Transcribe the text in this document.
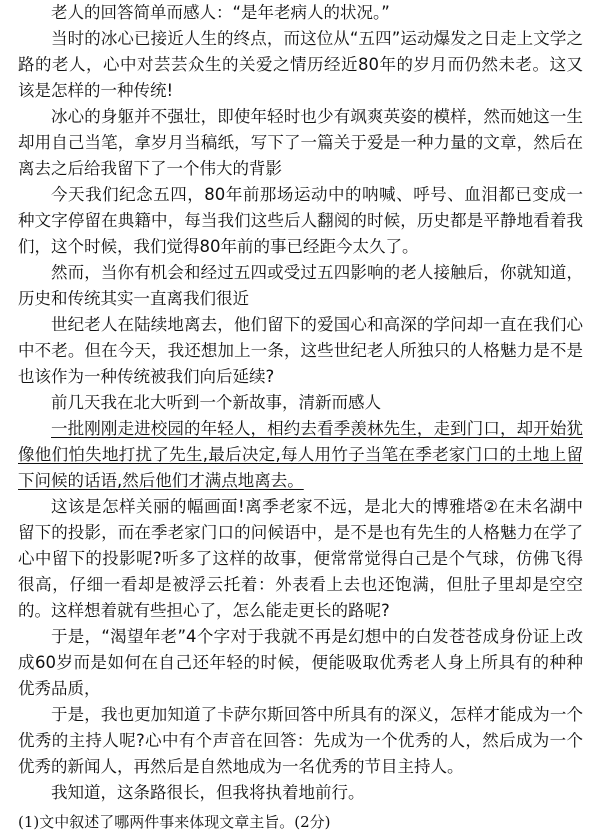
老人的回答简单而感人：“是年老病人的状况。”

当时的冰心已接近人生的终点，而这位从“五四”运动爆发之日走上文学之路的老人，心中对芸芸众生的关爱之情历经近80年的岁月而仍然未老。这又该是怎样的一种传统!

冰心的身躯并不强壮，即使年轻时也少有飒爽英姿的模样，然而她这一生却用自己当笔，拿岁月当稿纸，写下了一篇关于爱是一种力量的文章，然后在离去之后给我留下了一个伟大的背影

今天我们纪念五四，80年前那场运动中的呐喊、呼号、血泪都已变成一种文字停留在典籍中，每当我们这些后人翻阅的时候，历史都是平静地看着我们，这个时候，我们觉得80年前的事已经距今太久了。

然而，当你有机会和经过五四或受过五四影响的老人接触后，你就知道，历史和传统其实一直离我们很近

世纪老人在陆续地离去，他们留下的爱国心和高深的学问却一直在我们心中不老。但在今天，我还想加上一条，这些世纪老人所独只的人格魅力是不是也该作为一种传统被我们向后延续?

前几天我在北大听到一个新故事，清新而感人

一批刚刚走进校园的年轻人，相约去看季羡林先生，走到门口，却开始犹像他们怕失地打扰了先生,最后决定,每人用竹子当笔在季老家门口的土地上留下问候的话语,然后他们才满点地离去。

这该是怎样关丽的幅画面!离季老家不远，是北大的博雅塔②在未名湖中留下的投影，而在季老家门口的问候语中，是不是也有先生的人格魅力在学了心中留下的投影呢?听多了这样的故事，便常常觉得白己是个气球，仿佛飞得很高，仔细一看却是被浮云托着：外表看上去也还饱满，但肚子里却是空空的。这样想着就有些担心了，怎么能走更长的路呢?

于是，“渴望年老”4个字对于我就不再是幻想中的白发苍苍成身份证上改成60岁而是如何在自己还年轻的时候，便能吸取优秀老人身上所具有的种种优秀品质，

于是，我也更加知道了卡萨尔斯回答中所具有的深义，怎样才能成为一个优秀的主持人呢?心中有个声音在回答：先成为一个优秀的人，然后成为一个优秀的新闻人，再然后是自然地成为一名优秀的节目主持人。

我知道，这条路很长，但我将执着地前行。

(1)文中叙述了哪两件事来体现文章主旨。(2分)
